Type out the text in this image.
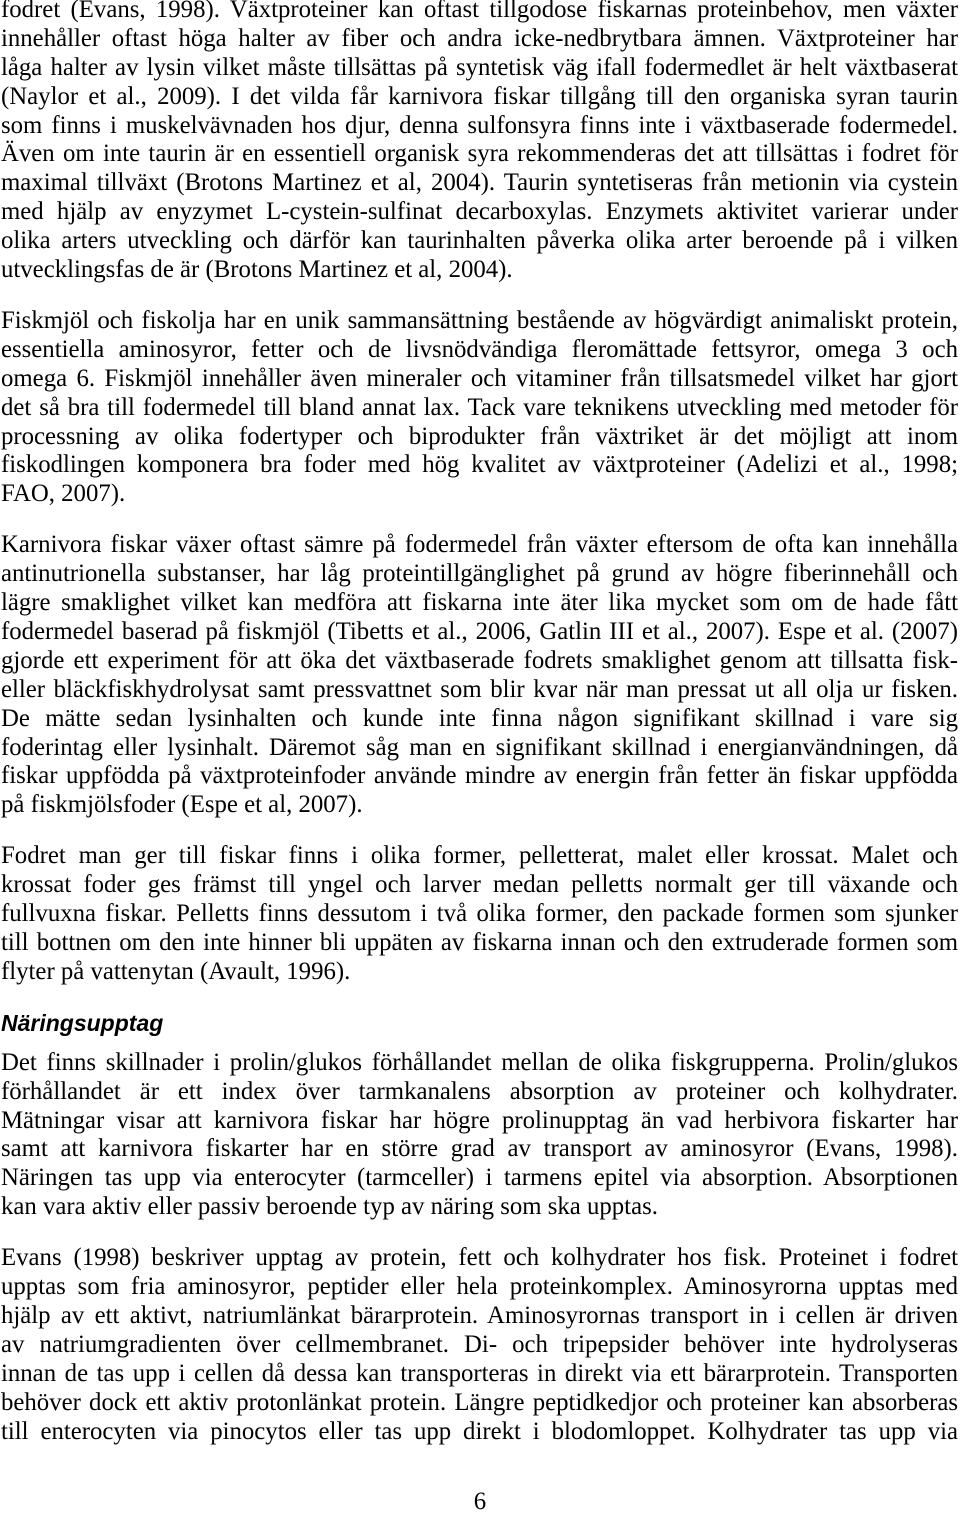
fodret (Evans, 1998). Växtproteiner kan oftast tillgodose fiskarnas proteinbehov, men växter
innehåller oftast höga halter av fiber och andra icke-nedbrytbara ämnen. Växtproteiner har
låga halter av lysin vilket måste tillsättas på syntetisk väg ifall fodermedlet är helt växtbaserat
(Naylor et al., 2009). I det vilda får karnivora fiskar tillgång till den organiska syran taurin
som finns i muskelvävnaden hos djur, denna sulfonsyra finns inte i växtbaserade fodermedel.
Även om inte taurin är en essentiell organisk syra rekommenderas det att tillsättas i fodret för
maximal tillväxt (Brotons Martinez et al, 2004). Taurin syntetiseras från metionin via cystein
med hjälp av enyzymet L-cystein-sulfinat decarboxylas. Enzymets aktivitet varierar under
olika arters utveckling och därför kan taurinhalten påverka olika arter beroende på i vilken
utvecklingsfas de är (Brotons Martinez et al, 2004).
Fiskmjöl och fiskolja har en unik sammansättning bestående av högvärdigt animaliskt protein,
essentiella aminosyror, fetter och de livsnödvändiga fleromättade fettsyror, omega 3 och
omega 6. Fiskmjöl innehåller även mineraler och vitaminer från tillsatsmedel vilket har gjort
det så bra till fodermedel till bland annat lax. Tack vare teknikens utveckling med metoder för
processning av olika fodertyper och biprodukter från växtriket är det möjligt att inom
fiskodlingen komponera bra foder med hög kvalitet av växtproteiner (Adelizi et al., 1998;
FAO, 2007).
Karnivora fiskar växer oftast sämre på fodermedel från växter eftersom de ofta kan innehålla
antinutrionella substanser, har låg proteintillgänglighet på grund av högre fiberinnehåll och
lägre smaklighet vilket kan medföra att fiskarna inte äter lika mycket som om de hade fått
fodermedel baserad på fiskmjöl (Tibetts et al., 2006, Gatlin III et al., 2007). Espe et al. (2007)
gjorde ett experiment för att öka det växtbaserade fodrets smaklighet genom att tillsatta fisk-
eller bläckfiskhydrolysat samt pressvattnet som blir kvar när man pressat ut all olja ur fisken.
De mätte sedan lysinhalten och kunde inte finna någon signifikant skillnad i vare sig
foderintag eller lysinhalt. Däremot såg man en signifikant skillnad i energianvändningen, då
fiskar uppfödda på växtproteinfoder använde mindre av energin från fetter än fiskar uppfödda
på fiskmjölsfoder (Espe et al, 2007).
Fodret man ger till fiskar finns i olika former, pelletterat, malet eller krossat. Malet och
krossat foder ges främst till yngel och larver medan pelletts normalt ger till växande och
fullvuxna fiskar. Pelletts finns dessutom i två olika former, den packade formen som sjunker
till bottnen om den inte hinner bli uppäten av fiskarna innan och den extruderade formen som
flyter på vattenytan (Avault, 1996).
Näringsupptag
Det finns skillnader i prolin/glukos förhållandet mellan de olika fiskgrupperna. Prolin/glukos
förhållandet är ett index över tarmkanalens absorption av proteiner och kolhydrater.
Mätningar visar att karnivora fiskar har högre prolinupptag än vad herbivora fiskarter har
samt att karnivora fiskarter har en större grad av transport av aminosyror (Evans, 1998).
Näringen tas upp via enterocyter (tarmceller) i tarmens epitel via absorption. Absorptionen
kan vara aktiv eller passiv beroende typ av näring som ska upptas.
Evans (1998) beskriver upptag av protein, fett och kolhydrater hos fisk. Proteinet i fodret
upptas som fria aminosyror, peptider eller hela proteinkomplex. Aminosyrorna upptas med
hjälp av ett aktivt, natriumlänkat bärarprotein. Aminosyrornas transport in i cellen är driven
av natriumgradienten över cellmembranet. Di- och tripepsider behöver inte hydrolyseras
innan de tas upp i cellen då dessa kan transporteras in direkt via ett bärarprotein. Transporten
behöver dock ett aktiv protonlänkat protein. Längre peptidkedjor och proteiner kan absorberas
till enterocyten via pinocytos eller tas upp direkt i blodomloppet. Kolhydrater tas upp via
6
